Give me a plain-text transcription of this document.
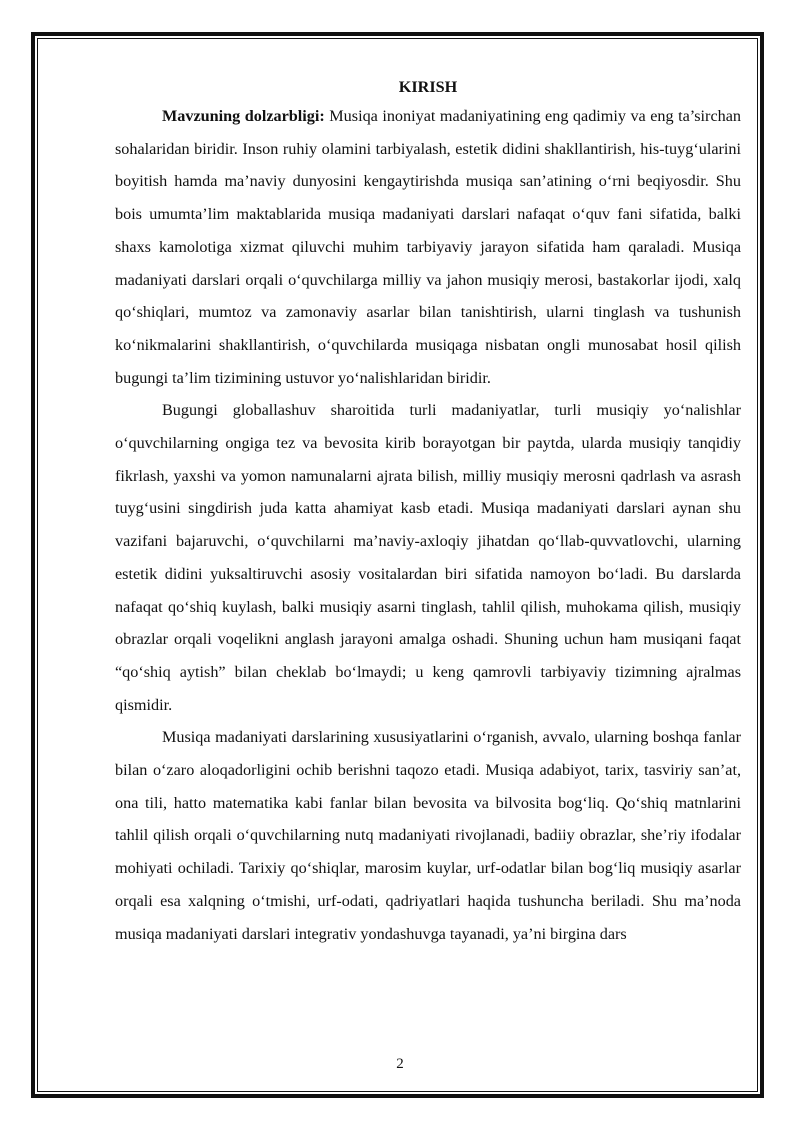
KIRISH

Mavzuning dolzarbligi: Musiqa inoniyat madaniyatining eng qadimiy va eng ta’sirchan sohalaridan biridir. Inson ruhiy olamini tarbiyalash, estetik didini shakllantirish, his-tuyg‘ularini boyitish hamda ma’naviy dunyosini kengaytirishda musiqa san’atining o‘rni beqiyosdir. Shu bois umumta’lim maktablarida musiqa madaniyati darslari nafaqat o‘quv fani sifatida, balki shaxs kamolotiga xizmat qiluvchi muhim tarbiyaviy jarayon sifatida ham qaraladi. Musiqa madaniyati darslari orqali o‘quvchilarga milliy va jahon musiqiy merosi, bastakorlar ijodi, xalq qo‘shiqlari, mumtoz va zamonaviy asarlar bilan tanishtirish, ularni tinglash va tushunish ko‘nikmalarini shakllantirish, o‘quvchilarda musiqaga nisbatan ongli munosabat hosil qilish bugungi ta’lim tizimining ustuvor yo‘nalishlaridan biridir.

Bugungi globallashuv sharoitida turli madaniyatlar, turli musiqiy yo‘nalishlar o‘quvchilarning ongiga tez va bevosita kirib borayotgan bir paytda, ularda musiqiy tanqidiy fikrlash, yaxshi va yomon namunalarni ajrata bilish, milliy musiqiy merosni qadrlash va asrash tuyg‘usini singdirish juda katta ahamiyat kasb etadi. Musiqa madaniyati darslari aynan shu vazifani bajaruvchi, o‘quvchilarni ma’naviy-axloqiy jihatdan qo‘llab-quvvatlovchi, ularning estetik didini yuksaltiruvchi asosiy vositalardan biri sifatida namoyon bo‘ladi. Bu darslarda nafaqat qo‘shiq kuylash, balki musiqiy asarni tinglash, tahlil qilish, muhokama qilish, musiqiy obrazlar orqali voqelikni anglash jarayoni amalga oshadi. Shuning uchun ham musiqani faqat “qo‘shiq aytish” bilan cheklab bo‘lmaydi; u keng qamrovli tarbiyaviy tizimning ajralmas qismidir.

Musiqa madaniyati darslarining xususiyatlarini o‘rganish, avvalo, ularning boshqa fanlar bilan o‘zaro aloqadorligini ochib berishni taqozo etadi. Musiqa adabiyot, tarix, tasviriy san’at, ona tili, hatto matematika kabi fanlar bilan bevosita va bilvosita bog‘liq. Qo‘shiq matnlarini tahlil qilish orqali o‘quvchilarning nutq madaniyati rivojlanadi, badiiy obrazlar, she’riy ifodalar mohiyati ochiladi. Tarixiy qo‘shiqlar, marosim kuylar, urf-odatlar bilan bog‘liq musiqiy asarlar orqali esa xalqning o‘tmishi, urf-odati, qadriyatlari haqida tushuncha beriladi. Shu ma’noda musiqa madaniyati darslari integrativ yondashuvga tayanadi, ya’ni birgina dars

2
